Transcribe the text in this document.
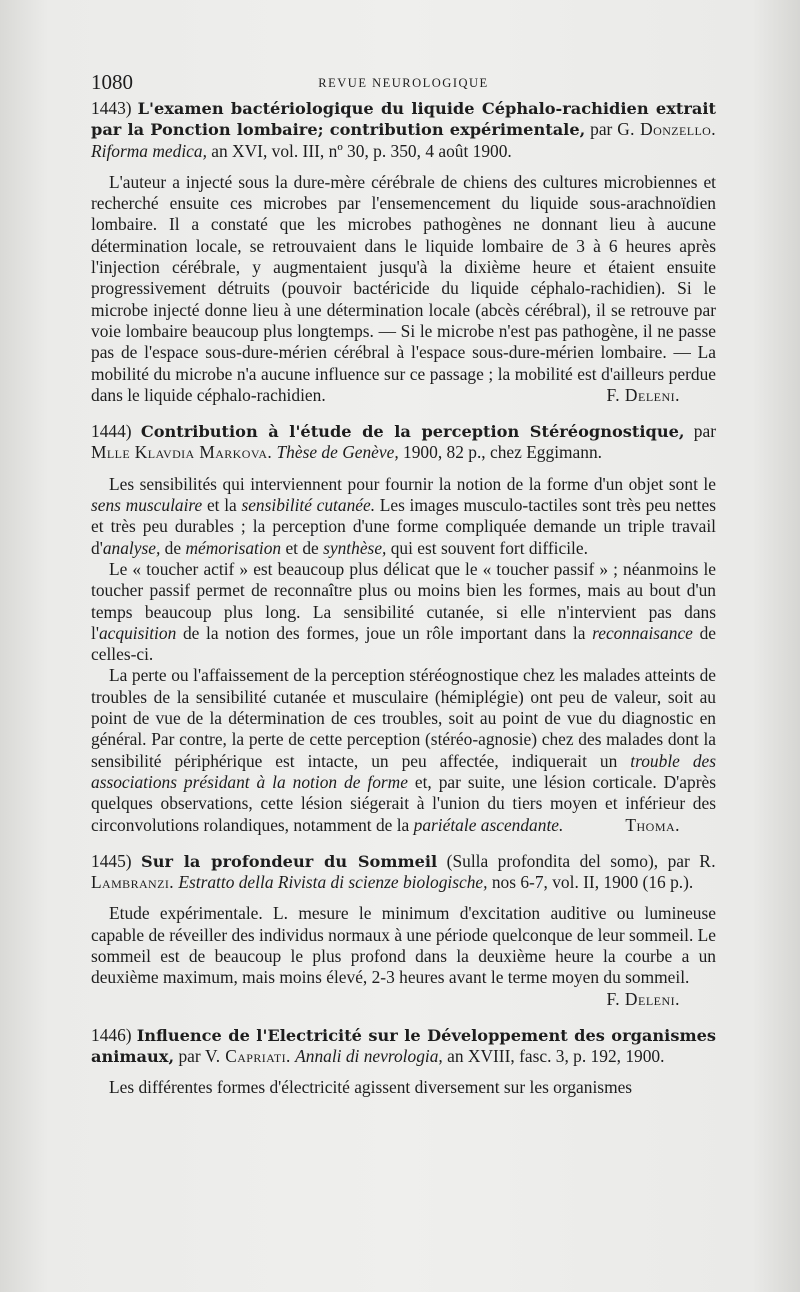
1080	REVUE NEUROLOGIQUE
1443) L'examen bactériologique du liquide Céphalo-rachidien extrait par la Ponction lombaire; contribution expérimentale, par G. Donzello. Riforma medica, an XVI, vol. III, nº 30, p. 350, 4 août 1900.

L'auteur a injecté sous la dure-mère cérébrale de chiens des cultures microbiennes et recherché ensuite ces microbes par l'ensemencement du liquide sous-arachnoïdien lombaire. Il a constaté que les microbes pathogènes ne donnant lieu à aucune détermination locale, se retrouvaient dans le liquide lombaire de 3 à 6 heures après l'injection cérébrale, y augmentaient jusqu'à la dixième heure et étaient ensuite progressivement détruits (pouvoir bactéricide du liquide céphalo-rachidien). Si le microbe injecté donne lieu à une détermination locale (abcès cérébral), il se retrouve par voie lombaire beaucoup plus longtemps. — Si le microbe n'est pas pathogène, il ne passe pas de l'espace sous-dure-mérien cérébral à l'espace sous-dure-mérien lombaire. — La mobilité du microbe n'a aucune influence sur ce passage ; la mobilité est d'ailleurs perdue dans le liquide céphalo-rachidien.	F. Deleni.

1444) Contribution à l'étude de la perception Stéréognostique, par Mlle Klavdia Markova. Thèse de Genève, 1900, 82 p., chez Eggimann.

Les sensibilités qui interviennent pour fournir la notion de la forme d'un objet sont le sens musculaire et la sensibilité cutanée. Les images musculo-tactiles sont très peu nettes et très peu durables ; la perception d'une forme compliquée demande un triple travail d'analyse, de mémorisation et de synthèse, qui est souvent fort difficile.

Le « toucher actif » est beaucoup plus délicat que le « toucher passif » ; néanmoins le toucher passif permet de reconnaître plus ou moins bien les formes, mais au bout d'un temps beaucoup plus long. La sensibilité cutanée, si elle n'intervient pas dans l'acquisition de la notion des formes, joue un rôle important dans la reconnaisance de celles-ci.

La perte ou l'affaissement de la perception stéréognostique chez les malades atteints de troubles de la sensibilité cutanée et musculaire (hémiplégie) ont peu de valeur, soit au point de vue de la détermination de ces troubles, soit au point de vue du diagnostic en général. Par contre, la perte de cette perception (stéréo-agnosie) chez des malades dont la sensibilité périphérique est intacte, un peu affectée, indiquerait un trouble des associations présidant à la notion de forme et, par suite, une lésion corticale. D'après quelques observations, cette lésion siégerait à l'union du tiers moyen et inférieur des circonvolutions rolandiques, notamment de la pariétale ascendante.	Thoma.

1445) Sur la profondeur du Sommeil (Sulla profondita del somo), par R. Lambranzi. Estratto della Rivista di scienze biologische, nos 6-7, vol. II, 1900 (16 p.).

Etude expérimentale. L. mesure le minimum d'excitation auditive ou lumineuse capable de réveiller des individus normaux à une période quelconque de leur sommeil. Le sommeil est de beaucoup le plus profond dans la deuxième heure la courbe a un deuxième maximum, mais moins élevé, 2-3 heures avant le terme moyen du sommeil.
F. Deleni.

1446) Influence de l'Electricité sur le Développement des organismes animaux, par V. Capriati. Annali di nevrologia, an XVIII, fasc. 3, p. 192, 1900.

Les différentes formes d'électricité agissent diversement sur les organismes
